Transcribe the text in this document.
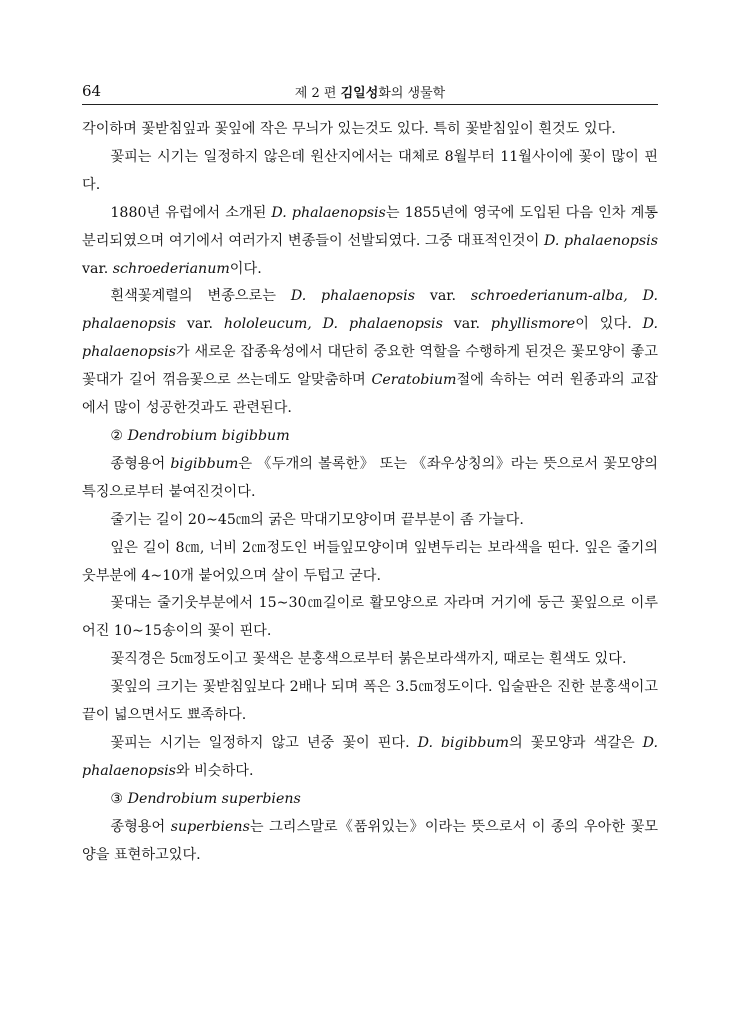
64	제 2 편 김일성화의 생물학

각이하며 꽃받침잎과 꽃잎에 작은 무늬가 있는것도 있다. 특히 꽃받침잎이 흰것도 있다.

꽃피는 시기는 일정하지 않은데 원산지에서는 대체로 8월부터 11월사이에 꽃이 많이 핀다.

1880년 유럽에서 소개된 D. phalaenopsis는 1855년에 영국에 도입된 다음 인차 계통분리되였으며 여기에서 여러가지 변종들이 선발되였다. 그중 대표적인것이 D. phalaenopsis var. schroederianum이다.

흰색꽃계렬의 변종으로는 D. phalaenopsis var. schroederianum-alba, D. phalaenopsis var. hololeucum, D. phalaenopsis var. phyllismore이 있다. D. phalaenopsis가 새로운 잡종육성에서 대단히 중요한 역할을 수행하게 된것은 꽃모양이 좋고 꽃대가 길어 꺾음꽃으로 쓰는데도 알맞춤하며 Ceratobium절에 속하는 여러 원종과의 교잡에서 많이 성공한것과도 관련된다.

② Dendrobium bigibbum

종형용어 bigibbum은 《두개의 볼록한》 또는 《좌우상칭의》라는 뜻으로서 꽃모양의 특징으로부터 붙여진것이다.

줄기는 길이 20∼45㎝의 굵은 막대기모양이며 끝부분이 좀 가늘다.

잎은 길이 8㎝, 너비 2㎝정도인 버들잎모양이며 잎변두리는 보라색을 띤다. 잎은 줄기의 웃부분에 4∼10개 붙어있으며 살이 두텁고 굳다.

꽃대는 줄기웃부분에서 15∼30㎝길이로 활모양으로 자라며 거기에 둥근 꽃잎으로 이루어진 10∼15송이의 꽃이 핀다.

꽃직경은 5㎝정도이고 꽃색은 분홍색으로부터 붉은보라색까지, 때로는 흰색도 있다.

꽃잎의 크기는 꽃받침잎보다 2배나 되며 폭은 3.5㎝정도이다. 입술판은 진한 분홍색이고 끝이 넓으면서도 뾰족하다.

꽃피는 시기는 일정하지 않고 년중 꽃이 핀다. D. bigibbum의 꽃모양과 색갈은 D. phalaenopsis와 비슷하다.

③ Dendrobium superbiens

종형용어 superbiens는 그리스말로《품위있는》이라는 뜻으로서 이 종의 우아한 꽃모양을 표현하고있다.
